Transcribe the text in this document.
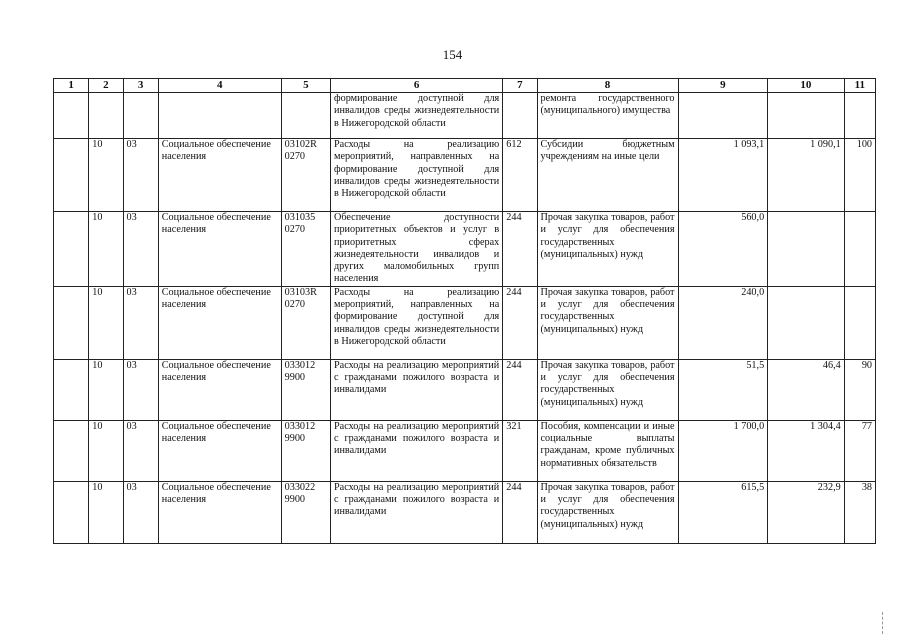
154
1	2	3	4	5	6	7	8	9	10	11
					формирование доступной для инвалидов среды жизнедеятельности в Нижегородской области		ремонта государственного (муниципального) имущества			
	10	03	Социальное обеспечение населения	03102R 0270	Расходы на реализацию мероприятий, направленных на формирование доступной для инвалидов среды жизнедеятельности в Нижегородской области	612	Субсидии бюджетным учреждениям на иные цели	1 093,1	1 090,1	100
	10	03	Социальное обеспечение населения	031035 0270	Обеспечение доступности приоритетных объектов и услуг в приоритетных сферах жизнедеятельности инвалидов и других маломобильных групп населения	244	Прочая закупка товаров, работ и услуг для обеспечения государственных (муниципальных) нужд	560,0		
	10	03	Социальное обеспечение населения	03103R 0270	Расходы на реализацию мероприятий, направленных на формирование доступной для инвалидов среды жизнедеятельности в Нижегородской области	244	Прочая закупка товаров, работ и услуг для обеспечения государственных (муниципальных) нужд	240,0		
	10	03	Социальное обеспечение населения	033012 9900	Расходы на реализацию мероприятий с гражданами пожилого возраста и инвалидами	244	Прочая закупка товаров, работ и услуг для обеспечения государственных (муниципальных) нужд	51,5	46,4	90
	10	03	Социальное обеспечение населения	033012 9900	Расходы на реализацию мероприятий с гражданами пожилого возраста и инвалидами	321	Пособия, компенсации и иные социальные выплаты гражданам, кроме публичных нормативных обязательств	1 700,0	1 304,4	77
	10	03	Социальное обеспечение населения	033022 9900	Расходы на реализацию мероприятий с гражданами пожилого возраста и инвалидами	244	Прочая закупка товаров, работ и услуг для обеспечения государственных (муниципальных) нужд	615,5	232,9	38
